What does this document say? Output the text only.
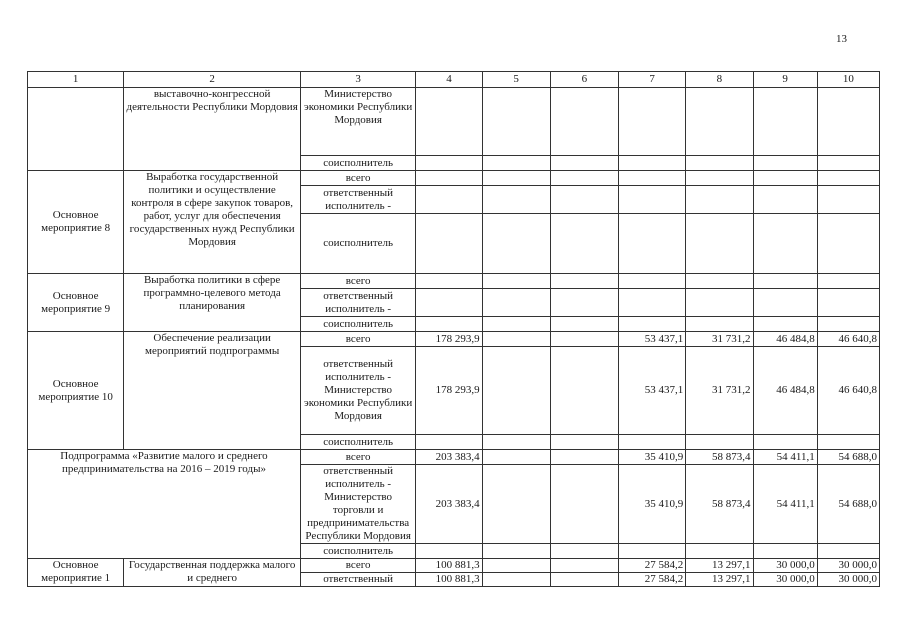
13
1	2	3	4	5	6	7	8	9	10
	выставочно-конгрессной деятельности Республики Мордовия	Министерство экономики Республики Мордовия							
		соисполнитель							
Основное мероприятие 8	Выработка государственной политики и осуществление контроля в сфере закупок товаров, работ, услуг для обеспечения государственных нужд Республики Мордовия	всего							
		ответственный исполнитель -							
		соисполнитель							
Основное мероприятие 9	Выработка политики в сфере программно-целевого метода планирования	всего							
		ответственный исполнитель -							
		соисполнитель							
Основное мероприятие 10	Обеспечение реализации мероприятий подпрограммы	всего	178 293,9			53 437,1	31 731,2	46 484,8	46 640,8
		ответственный исполнитель - Министерство экономики Республики Мордовия	178 293,9			53 437,1	31 731,2	46 484,8	46 640,8
		соисполнитель							
Подпрограмма «Развитие малого и среднего предпринимательства на 2016 – 2019 годы»		всего	203 383,4			35 410,9	58 873,4	54 411,1	54 688,0
		ответственный исполнитель - Министерство торговли и предпринимательства Республики Мордовия	203 383,4			35 410,9	58 873,4	54 411,1	54 688,0
		соисполнитель							
Основное мероприятие 1	Государственная поддержка малого и среднего	всего	100 881,3			27 584,2	13 297,1	30 000,0	30 000,0
		ответственный	100 881,3			27 584,2	13 297,1	30 000,0	30 000,0
